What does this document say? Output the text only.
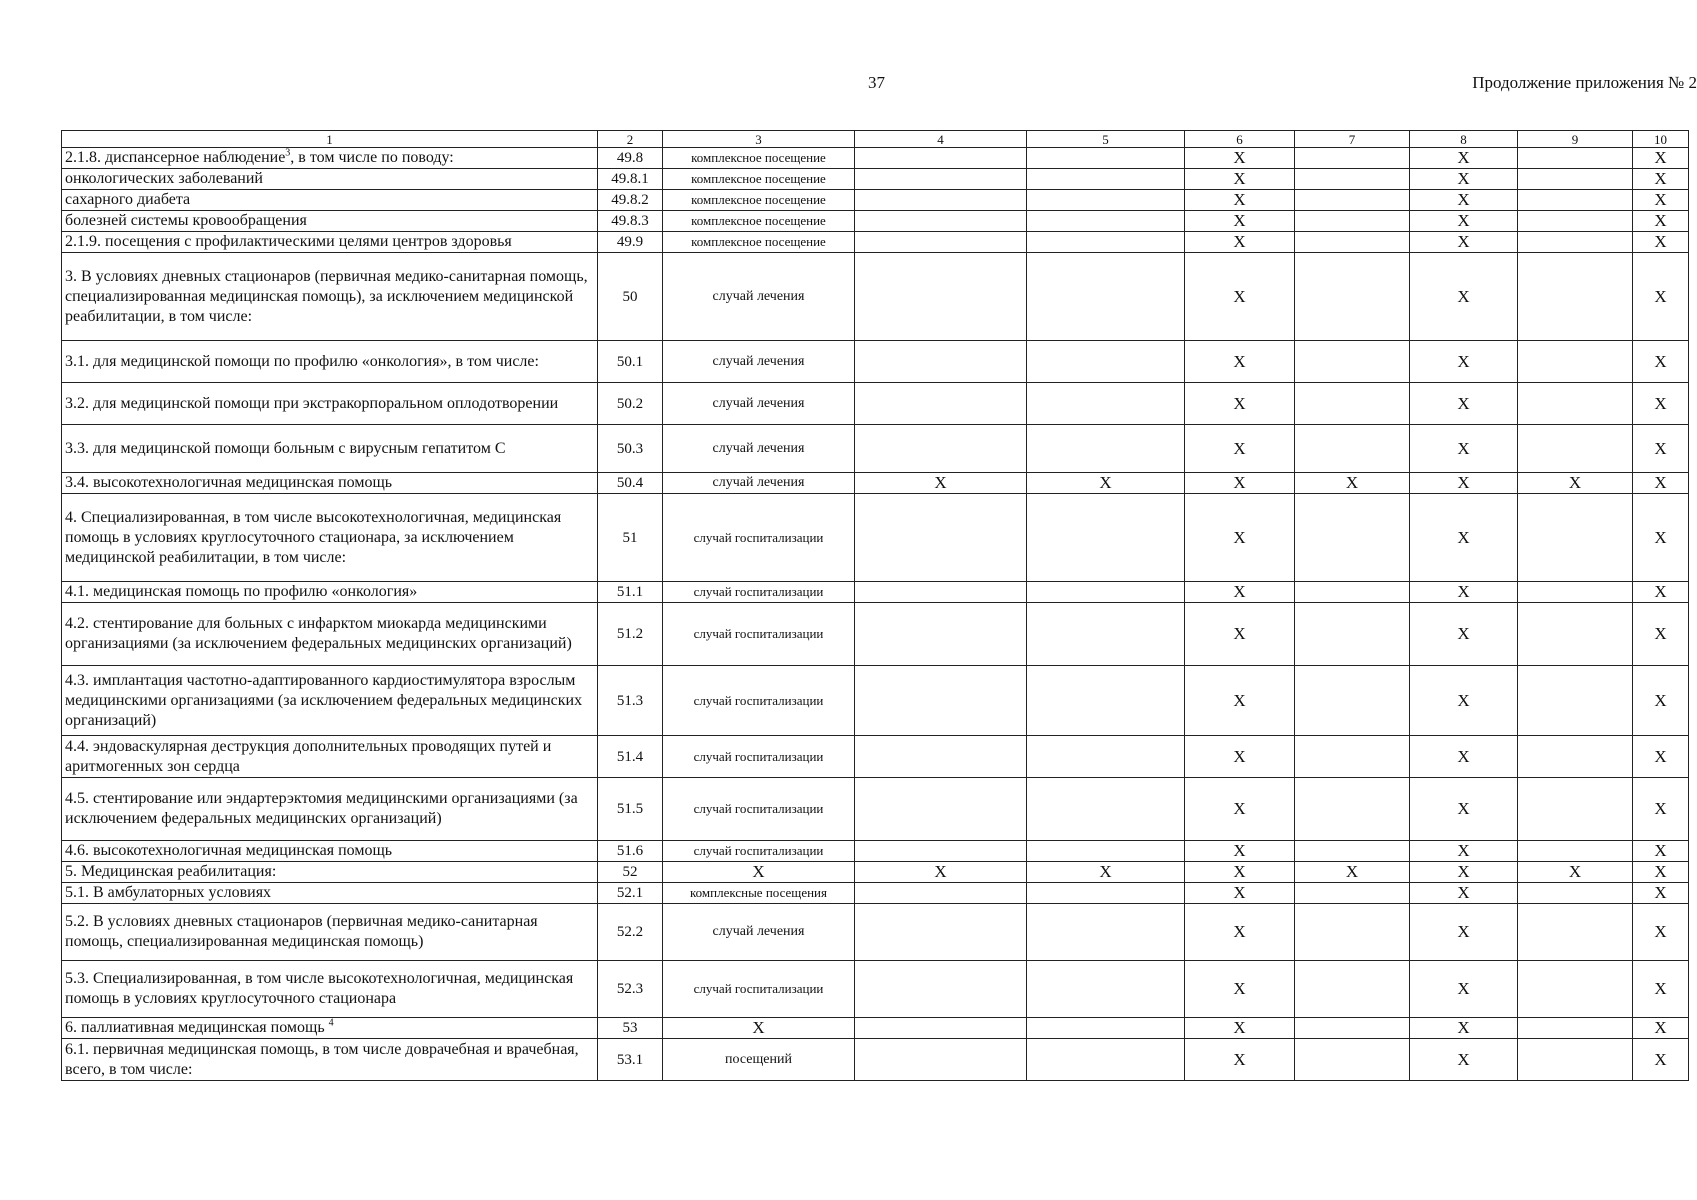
37	Продолжение приложения № 2
1	2	3	4	5	6	7	8	9	10
2.1.8. диспансерное наблюдение$^3$, в том числе по поводу:	49.8	комплексное посещение			X		X		X
онкологических заболеваний	49.8.1	комплексное посещение			X		X		X
сахарного диабета	49.8.2	комплексное посещение			X		X		X
болезней системы кровообращения	49.8.3	комплексное посещение			X		X		X
2.1.9. посещения с профилактическими целями центров здоровья	49.9	комплексное посещение			X		X		X
3. В условиях дневных стационаров (первичная медико-санитарная помощь, специализированная медицинская помощь), за исключением медицинской реабилитации, в том числе:	50	случай лечения			X		X		X
3.1. для медицинской помощи по профилю «онкология», в том числе:	50.1	случай лечения			X		X		X
3.2. для медицинской помощи при экстракорпоральном оплодотворении	50.2	случай лечения			X		X		X
3.3. для медицинской помощи больным с вирусным гепатитом С	50.3	случай лечения			X		X		X
3.4. высокотехнологичная медицинская помощь	50.4	случай лечения	X	X	X	X	X	X	X
4. Специализированная, в том числе высокотехнологичная, медицинская помощь в условиях круглосуточного стационара, за исключением медицинской реабилитации, в том числе:	51	случай госпитализации			X		X		X
4.1. медицинская помощь по профилю «онкология»	51.1	случай госпитализации			X		X		X
4.2. стентирование для больных с инфарктом миокарда медицинскими организациями (за исключением федеральных медицинских организаций)	51.2	случай госпитализации			X		X		X
4.3. имплантация частотно-адаптированного кардиостимулятора взрослым медицинскими организациями (за исключением федеральных медицинских организаций)	51.3	случай госпитализации			X		X		X
4.4. эндоваскулярная деструкция дополнительных проводящих путей и аритмогенных зон сердца	51.4	случай госпитализации			X		X		X
4.5. стентирование или эндартерэктомия медицинскими организациями (за исключением федеральных медицинских организаций)	51.5	случай госпитализации			X		X		X
4.6. высокотехнологичная медицинская помощь	51.6	случай госпитализации			X		X		X
5. Медицинская реабилитация:	52	X	X	X	X	X	X	X	X
5.1. В амбулаторных условиях	52.1	комплексные посещения			X		X		X
5.2. В условиях дневных стационаров (первичная медико-санитарная помощь, специализированная медицинская помощь)	52.2	случай лечения			X		X		X
5.3. Специализированная, в том числе высокотехнологичная, медицинская помощь в условиях круглосуточного стационара	52.3	случай госпитализации			X		X		X
6. паллиативная медицинская помощь $^4$	53	X			X		X		X
6.1. первичная медицинская помощь, в том числе доврачебная и врачебная, всего, в том числе:	53.1	посещений			X		X		X
